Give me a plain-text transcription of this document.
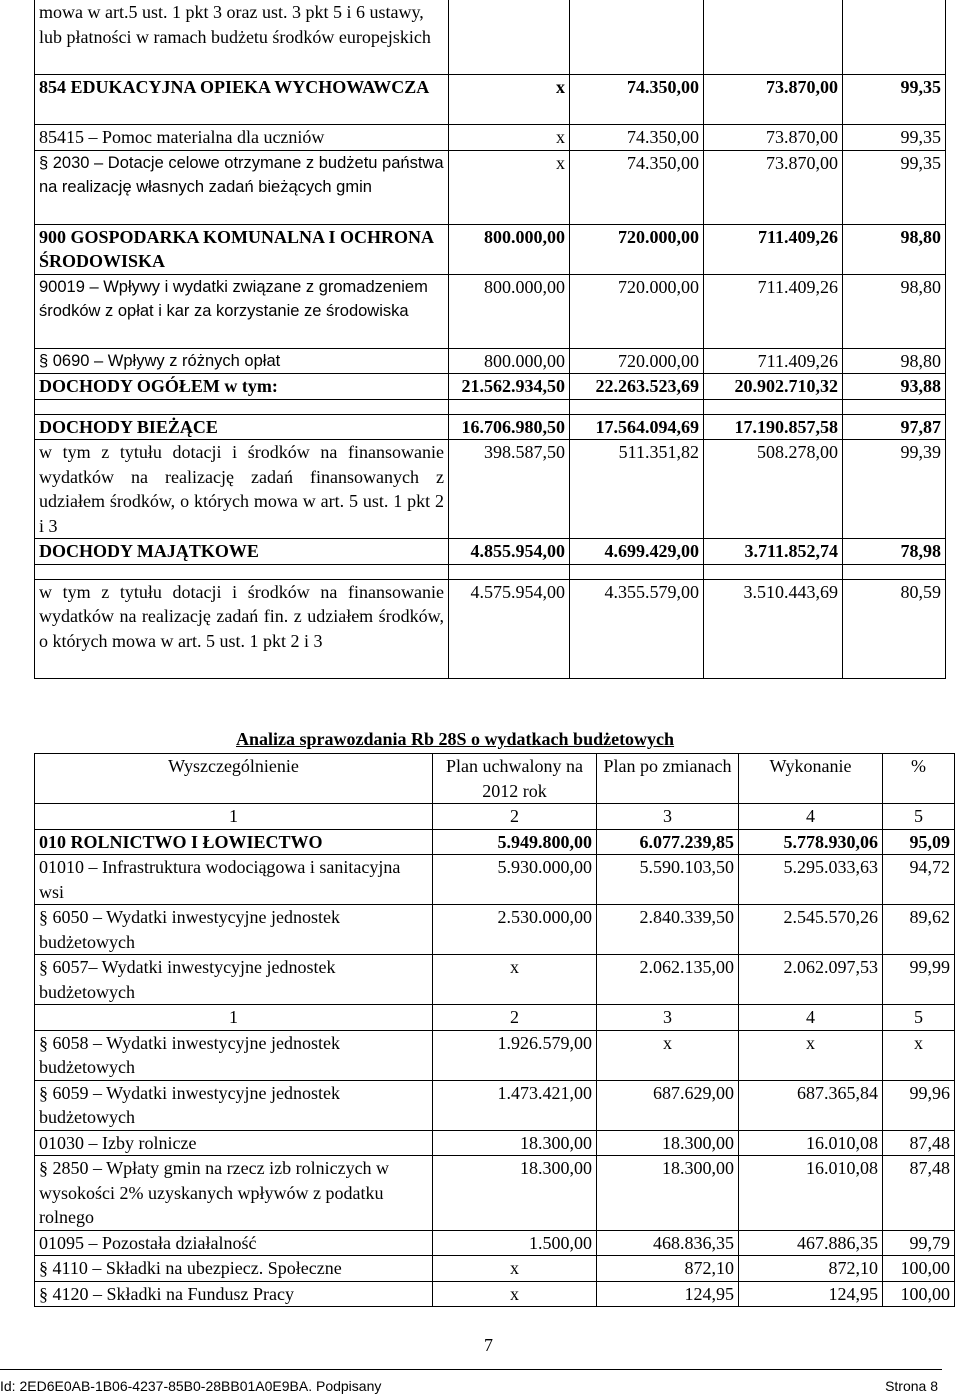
mowa w art.5 ust. 1 pkt 3 oraz ust. 3 pkt 5 i 6 ustawy, lub płatności w ramach budżetu środków europejskich				
854 EDUKACYJNA OPIEKA WYCHOWAWCZA	x	74.350,00	73.870,00	99,35
85415 – Pomoc materialna dla uczniów	x	74.350,00	73.870,00	99,35
§ 2030 – Dotacje celowe otrzymane z budżetu państwa na realizację własnych zadań bieżących gmin	x	74.350,00	73.870,00	99,35
900 GOSPODARKA KOMUNALNA I OCHRONA ŚRODOWISKA	800.000,00	720.000,00	711.409,26	98,80
90019 – Wpływy i wydatki związane z gromadzeniem środków z opłat i kar za korzystanie ze środowiska	800.000,00	720.000,00	711.409,26	98,80
§ 0690 – Wpływy z różnych opłat	800.000,00	720.000,00	711.409,26	98,80
DOCHODY OGÓŁEM w tym:	21.562.934,50	22.263.523,69	20.902.710,32	93,88

DOCHODY BIEŻĄCE	16.706.980,50	17.564.094,69	17.190.857,58	97,87
w tym z tytułu dotacji i środków na finansowanie wydatków na realizację zadań finansowanych z udziałem środków, o których mowa w art. 5 ust. 1 pkt 2 i 3	398.587,50	511.351,82	508.278,00	99,39
DOCHODY MAJĄTKOWE	4.855.954,00	4.699.429,00	3.711.852,74	78,98

w tym z tytułu dotacji i środków na finansowanie wydatków na realizację zadań fin. z udziałem środków, o których mowa w art. 5 ust. 1 pkt 2 i 3	4.575.954,00	4.355.579,00	3.510.443,69	80,59
Analiza sprawozdania Rb 28S o wydatkach budżetowych
Wyszczególnienie	Plan uchwalony na 2012 rok	Plan po zmianach	Wykonanie	%
1	2	3	4	5
010 ROLNICTWO I ŁOWIECTWO	5.949.800,00	6.077.239,85	5.778.930,06	95,09
01010 – Infrastruktura wodociągowa i sanitacyjna wsi	5.930.000,00	5.590.103,50	5.295.033,63	94,72
§ 6050 – Wydatki inwestycyjne jednostek budżetowych	2.530.000,00	2.840.339,50	2.545.570,26	89,62
§ 6057– Wydatki inwestycyjne jednostek budżetowych	x	2.062.135,00	2.062.097,53	99,99
1	2	3	4	5
§ 6058 – Wydatki inwestycyjne jednostek budżetowych	1.926.579,00	x	x	x
§ 6059 – Wydatki inwestycyjne jednostek budżetowych	1.473.421,00	687.629,00	687.365,84	99,96
01030 – Izby rolnicze	18.300,00	18.300,00	16.010,08	87,48
§ 2850 – Wpłaty gmin na rzecz izb rolniczych w wysokości 2% uzyskanych wpływów z podatku rolnego	18.300,00	18.300,00	16.010,08	87,48
01095 – Pozostała działalność	1.500,00	468.836,35	467.886,35	99,79
§ 4110 – Składki na ubezpiecz. Społeczne	x	872,10	872,10	100,00
§ 4120 – Składki na Fundusz Pracy	x	124,95	124,95	100,00
7
Id: 2ED6E0AB-1B06-4237-85B0-28BB01A0E9BA. Podpisany	Strona 8
